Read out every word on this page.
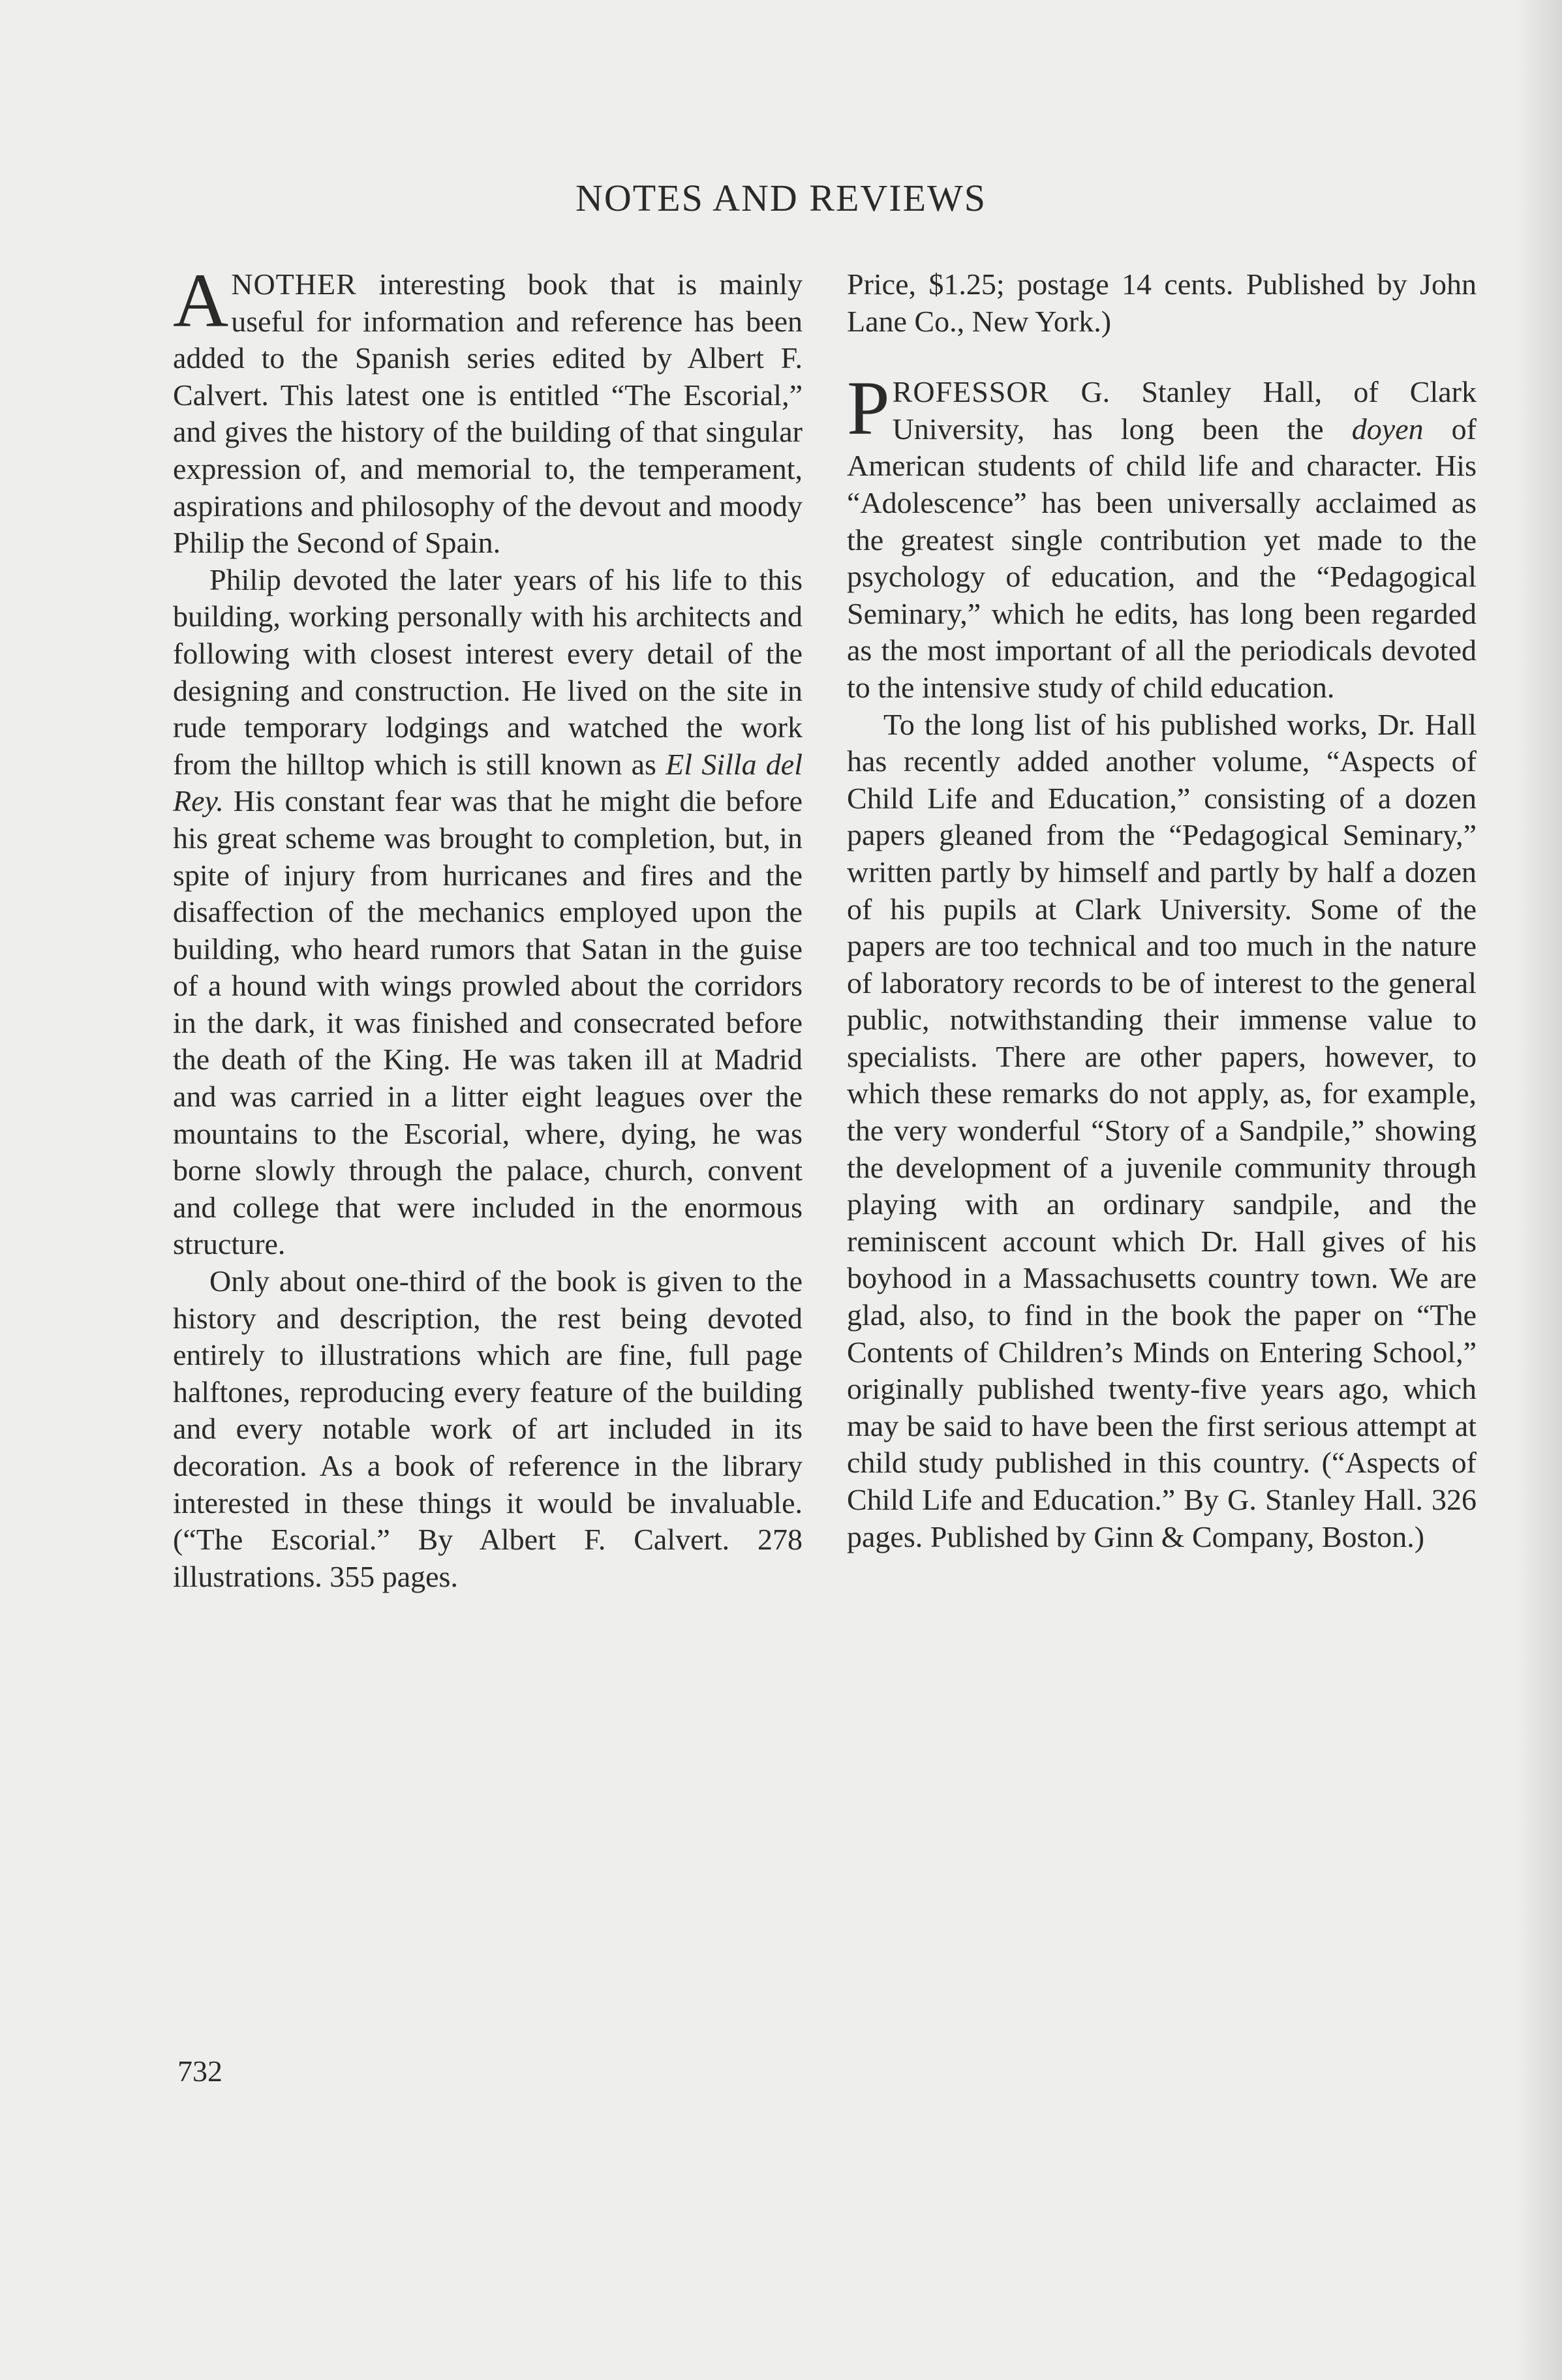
NOTES AND REVIEWS

ANOTHER interesting book that is mainly useful for information and reference has been added to the Spanish series edited by Albert F. Calvert. This latest one is entitled “The Escorial,” and gives the history of the building of that singular expression of, and memorial to, the temperament, aspirations and philosophy of the devout and moody Philip the Second of Spain.

Philip devoted the later years of his life to this building, working personally with his architects and following with closest interest every detail of the designing and construction. He lived on the site in rude temporary lodgings and watched the work from the hilltop which is still known as El Silla del Rey. His constant fear was that he might die before his great scheme was brought to completion, but, in spite of injury from hurricanes and fires and the disaffection of the mechanics employed upon the building, who heard rumors that Satan in the guise of a hound with wings prowled about the corridors in the dark, it was finished and consecrated before the death of the King. He was taken ill at Madrid and was carried in a litter eight leagues over the mountains to the Escorial, where, dying, he was borne slowly through the palace, church, convent and college that were included in the enormous structure.

Only about one-third of the book is given to the history and description, the rest being devoted entirely to illustrations which are fine, full page halftones, reproducing every feature of the building and every notable work of art included in its decoration. As a book of reference in the library interested in these things it would be invaluable. (“The Escorial.” By Albert F. Calvert. 278 illustrations. 355 pages.

Price, $1.25; postage 14 cents. Published by John Lane Co., New York.)

PROFESSOR G. Stanley Hall, of Clark University, has long been the doyen of American students of child life and character. His “Adolescence” has been universally acclaimed as the greatest single contribution yet made to the psychology of education, and the “Pedagogical Seminary,” which he edits, has long been regarded as the most important of all the periodicals devoted to the intensive study of child education.

To the long list of his published works, Dr. Hall has recently added another volume, “Aspects of Child Life and Education,” consisting of a dozen papers gleaned from the “Pedagogical Seminary,” written partly by himself and partly by half a dozen of his pupils at Clark University. Some of the papers are too technical and too much in the nature of laboratory records to be of interest to the general public, notwithstanding their immense value to specialists. There are other papers, however, to which these remarks do not apply, as, for example, the very wonderful “Story of a Sandpile,” showing the development of a juvenile community through playing with an ordinary sandpile, and the reminiscent account which Dr. Hall gives of his boyhood in a Massachusetts country town. We are glad, also, to find in the book the paper on “The Contents of Children’s Minds on Entering School,” originally published twenty-five years ago, which may be said to have been the first serious attempt at child study published in this country. (“Aspects of Child Life and Education.” By G. Stanley Hall. 326 pages. Published by Ginn & Company, Boston.)

732
